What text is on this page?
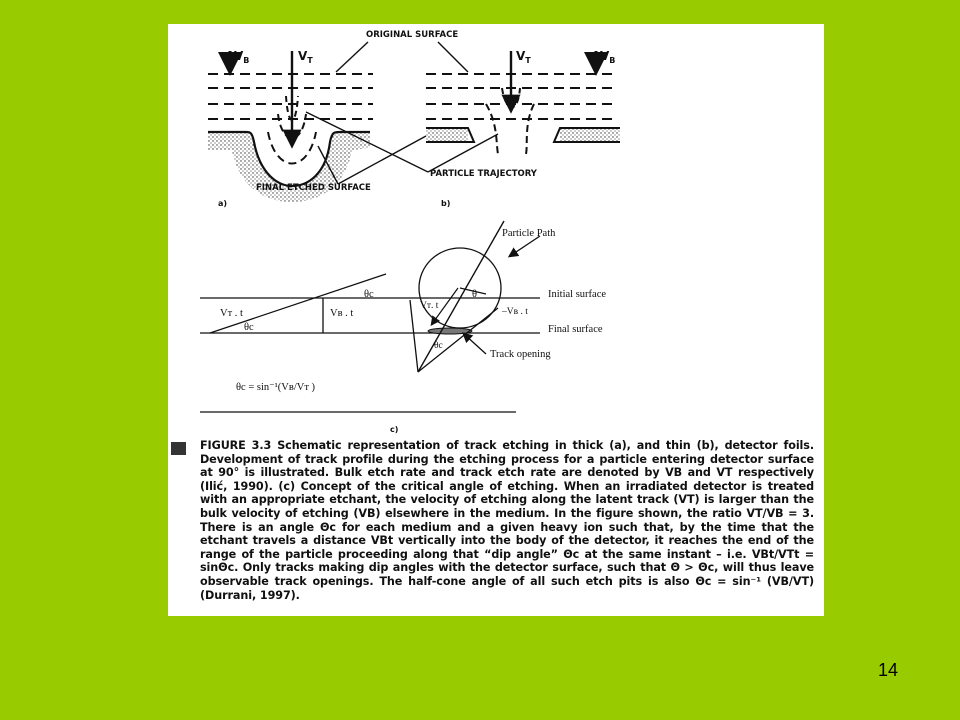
$V_B$	$V_T$
a)
$V_T$	$V_B$
b)
ORIGINAL SURFACE
PARTICLE TRAJECTORY
FINAL ETCHED SURFACE
Vᴛ . t	Vʙ . t
θc
θc
Particle Path
Initial surface
Final surface
Track opening
Vᴛ. t
–Vʙ . t
θ
θc
θc = sin⁻¹(Vʙ/Vᴛ )
c)
FIGURE 3.3 Schematic representation of track etching in thick (a), and thin (b), detector foils. Development of track profile during the etching process for a particle entering detector surface at 90° is illustrated. Bulk etch rate and track etch rate are denoted by VB and VT respectively (Ilić, 1990). (c) Concept of the critical angle of etching. When an irradiated detector is treated with an appropriate etchant, the velocity of etching along the latent track (VT) is larger than the bulk velocity of etching (VB) elsewhere in the medium. In the figure shown, the ratio VT/VB = 3. There is an angle Θc for each medium and a given heavy ion such that, by the time that the etchant travels a distance VBt vertically into the body of the detector, it reaches the end of the range of the particle proceeding along that “dip angle” Θc at the same instant – i.e. VBt/VTt = sinΘc. Only tracks making dip angles with the detector surface, such that Θ > Θc, will thus leave observable track openings. The half-cone angle of all such etch pits is also Θc = sin⁻¹ (VB/VT) (Durrani, 1997).
14
